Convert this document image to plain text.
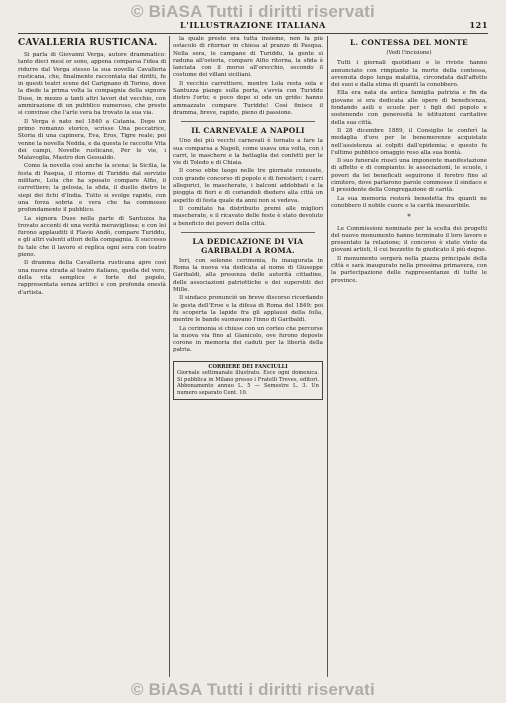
© BiASA Tutti i diritti riservati
L'ILLUSTRAZIONE ITALIANA	121
CAVALLERIA RUSTICANA.

Si parla di Giovanni Verga, autore drammatico: tanto dieci mesi or sono, appena comparsa l'idea di ridurre dal Verga stesso la sua novella Cavalleria rusticana, che, finalmente raccontata dai diritti, fu in questi teatri scene del Carignano di Torino, dove la diede la prima volta la compagnia della signora Duse, in mezzo a tanti altri lavori del vecchio, con ammirazione di un pubblico numeroso, che presto si convinse che l'arte vera ha trovato la sua via.

Il Verga è nato nel 1840 a Catania. Dopo un primo romanzo storico, scrisse Una peccatrice, Storia di una capinera, Eva, Eros, Tigre reale; poi venne la novella Nedda, e da questa le raccolte Vita dei campi, Novelle rusticane, Per le vie, i Malavoglia, Mastro don Gesualdo.

Come la novella così anche la scena: la Sicilia, la festa di Pasqua, il ritorno di Turiddu dal servizio militare, Lola che ha sposato compare Alfio, il carrettiere; la gelosia, la sfida, il duello dietro le siepi dei fichi d'India. Tutto si svolge rapido, con una forza sobria e vera che ha commosso profondamente il pubblico.

La signora Duse nella parte di Santuzza ha trovato accenti di una verità meravigliosa; e con lei furono applauditi il Flavio Andò, compare Turiddu, e gli altri valenti attori della compagnia. Il successo fu tale che il lavoro si replica ogni sera con teatro pieno.

Il dramma della Cavalleria rusticana apre così una nuova strada al teatro italiano, quella del vero, della vita semplice e forte del popolo, rappresentata senza artifici e con profonda onestà d'artista.

la quale presto era tutta insieme, non fa più ostacolo di ritornar in chiesa al pranzo di Pasqua. Nella sera, le campane di Turiddu, la gente si raduna all'osteria, compare Alfio ritorna, la sfida è lanciata con il morso all'orecchio, secondo il costume dei villani siciliani.

Il vecchio carrettiere, mentre Lola resta sola e Santuzza piange sulla porta, s'avvia con Turiddu dietro l'orto; e poco dopo si ode un grido: hanno ammazzato compare Turiddu! Così finisce il dramma, breve, rapido, pieno di passione.

IL CARNEVALE A NAPOLI

Uno dei più vecchi carnevali è tornato a fare la sua comparsa a Napoli, come usava una volta, con i carri, le maschere e la battaglia dei confetti per le vie di Toledo e di Chiaia.

Il corso ebbe luogo nelle tre giornate consuete, con grande concorso di popolo e di forestieri; i carri allegorici, le mascherate, i balconi addobbati e la pioggia di fiori e di coriandoli diedero alla città un aspetto di festa quale da anni non si vedeva.

Il comitato ha distribuito premi alle migliori mascherate, e il ricavato delle feste è stato devoluto a beneficio dei poveri della città.

LA DEDICAZIONE DI VIA GARIBALDI A ROMA.

Ieri, con solenne cerimonia, fu inaugurata in Roma la nuova via dedicata al nome di Giuseppe Garibaldi, alla presenza delle autorità cittadine, delle associazioni patriottiche e dei superstiti dei Mille.

Il sindaco pronunciò un breve discorso ricordando le gesta dell'Eroe e la difesa di Roma del 1849; poi fu scoperta la lapide fra gli applausi della folla, mentre le bande suonavano l'inno di Garibaldi.

La cerimonia si chiuse con un corteo che percorse la nuova via fino al Gianicolo, ove furono deposte corone in memoria dei caduti per la libertà della patria.

CORRIERE DEI FANCIULLI
Giornale settimanale illustrato. Esce ogni domenica. Si pubblica in Milano presso i Fratelli Treves, editori. Abbonamento annuo L. 5 — Semestre L. 3. Un numero separato Cent. 10.
L. CONTESSA DEL MONTE
(Vedi l'incisione)

Tutti i giornali quotidiani e le riviste hanno annunciato con rimpianto la morte della contessa, avvenuta dopo lunga malattia, circondata dall'affetto dei suoi e dalla stima di quanti la conobbero.

Ella era nata da antica famiglia patrizia e fin da giovane si era dedicata alle opere di beneficenza, fondando asili e scuole per i figli del popolo e sostenendo con generosità le istituzioni caritative della sua città.

Il 28 dicembre 1889, il Consiglio le conferì la medaglia d'oro per le benemerenze acquistate nell'assistenza ai colpiti dall'epidemia; e questo fu l'ultimo pubblico omaggio reso alla sua bontà.

Il suo funerale riuscì una imponente manifestazione di affetto e di compianto: le associazioni, le scuole, i poveri da lei beneficati seguirono il feretro fino al cimitero, dove parlarono parole commosse il sindaco e il presidente della Congregazione di carità.

La sua memoria resterà benedetta fra quanti ne conobbero il nobile cuore e la carità inesauribile.

*

Le Commissioni nominate per la scelta dei progetti del nuovo monumento hanno terminato il loro lavoro e presentato la relazione; il concorso è stato vinto da giovani artisti, il cui bozzetto fu giudicato il più degno.

Il monumento sorgerà nella piazza principale della città e sarà inaugurato nella prossima primavera, con la partecipazione delle rappresentanze di tutte le province.

© BiASA Tutti i diritti riservati
